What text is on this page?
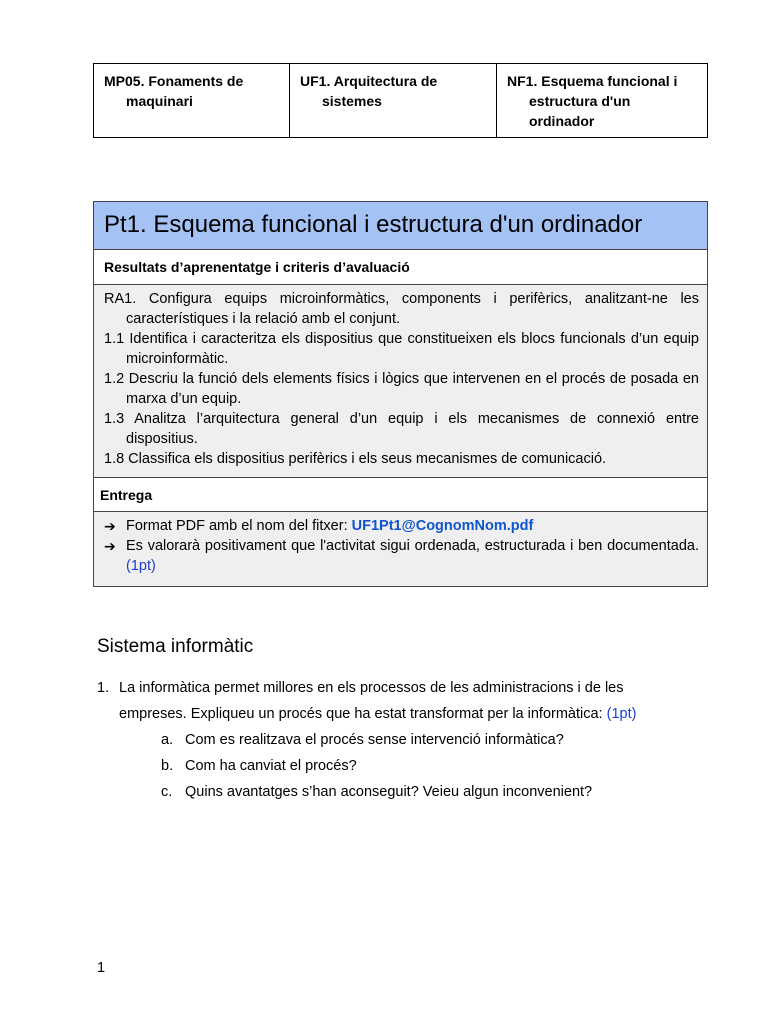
MP05. Fonaments de maquinari
UF1. Arquitectura de sistemes
NF1. Esquema funcional i estructura d'un ordinador
Pt1. Esquema funcional i estructura d'un ordinador
Resultats d’aprenentatge i criteris d’avaluació
RA1. Configura equips microinformàtics, components i perifèrics, analitzant-ne les característiques i la relació amb el conjunt.
1.1 Identifica i caracteritza els dispositius que constitueixen els blocs funcionals d’un equip microinformàtic.
1.2 Descriu la funció dels elements físics i lògics que intervenen en el procés de posada en marxa d’un equip.
1.3 Analitza l’arquitectura general d’un equip i els mecanismes de connexió entre dispositius.
1.8 Classifica els dispositius perifèrics i els seus mecanismes de comunicació.
Entrega
➔ Format PDF amb el nom del fitxer: UF1Pt1@CognomNom.pdf
➔ Es valorarà positivament que l'activitat sigui ordenada, estructurada i ben documentada. (1pt)
Sistema informàtic
1. La informàtica permet millores en els processos de les administracions i de les empreses. Expliqueu un procés que ha estat transformat per la informàtica: (1pt)
a. Com es realitzava el procés sense intervenció informàtica?
b. Com ha canviat el procés?
c. Quins avantatges s’han aconseguit? Veieu algun inconvenient?
1
